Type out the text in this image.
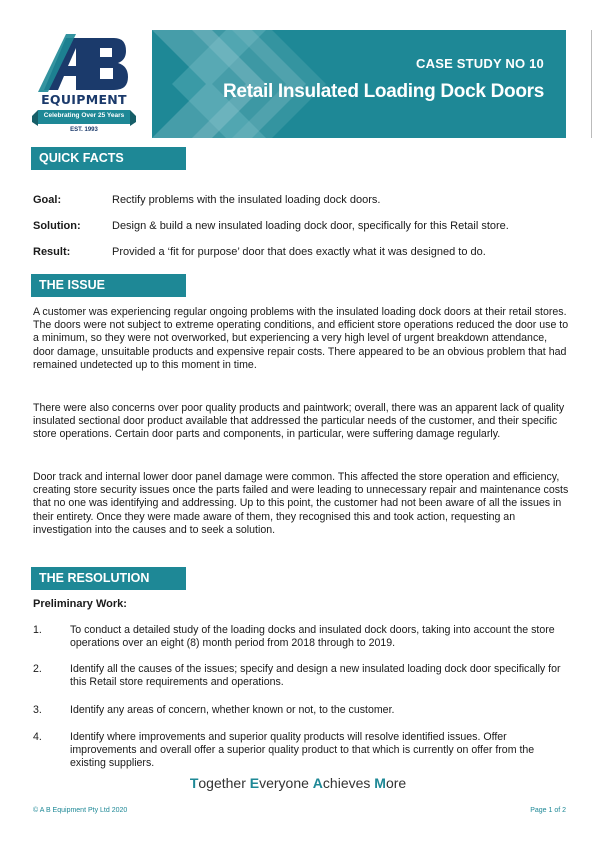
EQUIPMENT
Celebrating Over 25 Years
EST. 1993
CASE STUDY NO 10
Retail Insulated Loading Dock Doors
QUICK FACTS
Goal:	Rectify problems with the insulated loading dock doors.
Solution:	Design & build a new insulated loading dock door, specifically for this Retail store.
Result:	Provided a ‘fit for purpose’ door that does exactly what it was designed to do.
THE ISSUE
A customer was experiencing regular ongoing problems with the insulated loading dock doors at their retail stores. The doors were not subject to extreme operating conditions, and efficient store operations reduced the door use to a minimum, so they were not overworked, but experiencing a very high level of urgent breakdown attendance, door damage, unsuitable products and expensive repair costs. There appeared to be an obvious problem that had remained undetected up to this moment in time.
There were also concerns over poor quality products and paintwork; overall, there was an apparent lack of quality insulated sectional door product available that addressed the particular needs of the customer, and their specific store operations. Certain door parts and components, in particular, were suffering damage regularly.
Door track and internal lower door panel damage were common. This affected the store operation and efficiency, creating store security issues once the parts failed and were leading to unnecessary repair and maintenance costs that no one was identifying and addressing. Up to this point, the customer had not been aware of all the issues in their entirety. Once they were made aware of them, they recognised this and took action, requesting an investigation into the causes and to seek a solution.
THE RESOLUTION
Preliminary Work:
1.	To conduct a detailed study of the loading docks and insulated dock doors, taking into account the store operations over an eight (8) month period from 2018 through to 2019.
2.	Identify all the causes of the issues; specify and design a new insulated loading dock door specifically for this Retail store requirements and operations.
3.	Identify any areas of concern, whether known or not, to the customer.
4.	Identify where improvements and superior quality products will resolve identified issues. Offer improvements and overall offer a superior quality product to that which is currently on offer from the existing suppliers.
Together Everyone Achieves More
© A B Equipment Pty Ltd 2020	Page 1 of 2
